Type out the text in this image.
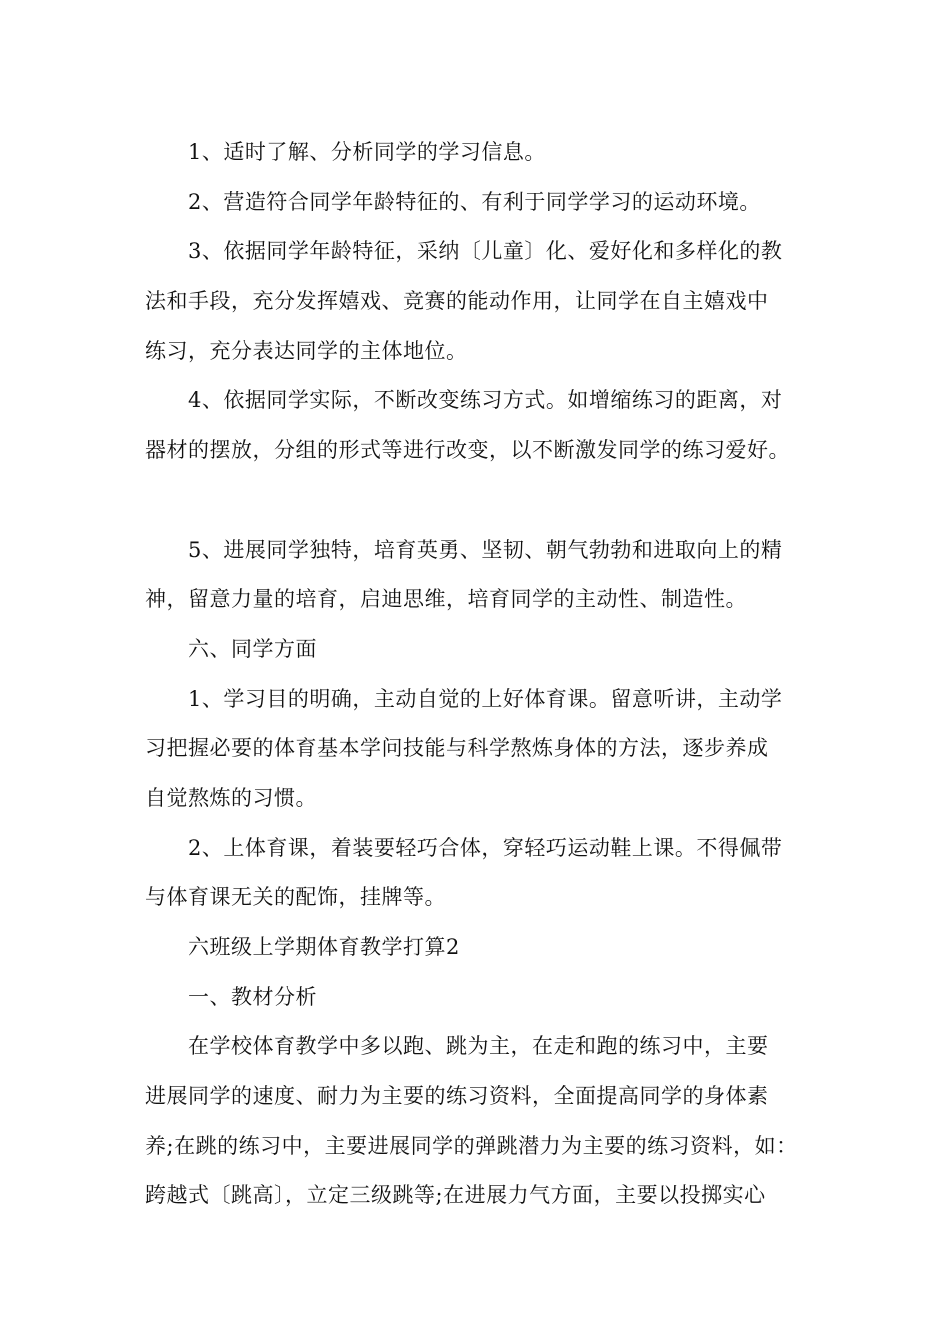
1、适时了解、分析同学的学习信息。
2、营造符合同学年龄特征的、有利于同学学习的运动环境。
3、依据同学年龄特征，采纳〔儿童〕化、爱好化和多样化的教
法和手段，充分发挥嬉戏、竞赛的能动作用，让同学在自主嬉戏中
练习，充分表达同学的主体地位。
4、依据同学实际，不断改变练习方式。如增缩练习的距离，对
器材的摆放，分组的形式等进行改变，以不断激发同学的练习爱好。
5、进展同学独特，培育英勇、坚韧、朝气勃勃和进取向上的精
神，留意力量的培育，启迪思维，培育同学的主动性、制造性。
六、同学方面
1、学习目的明确，主动自觉的上好体育课。留意听讲，主动学
习把握必要的体育基本学问技能与科学熬炼身体的方法，逐步养成
自觉熬炼的习惯。
2、上体育课，着装要轻巧合体，穿轻巧运动鞋上课。不得佩带
与体育课无关的配饰，挂牌等。
六班级上学期体育教学打算2
一、教材分析
在学校体育教学中多以跑、跳为主，在走和跑的练习中，主要
进展同学的速度、耐力为主要的练习资料，全面提高同学的身体素
养;在跳的练习中，主要进展同学的弹跳潜力为主要的练习资料，如：
跨越式〔跳高〕，立定三级跳等;在进展力气方面，主要以投掷实心
